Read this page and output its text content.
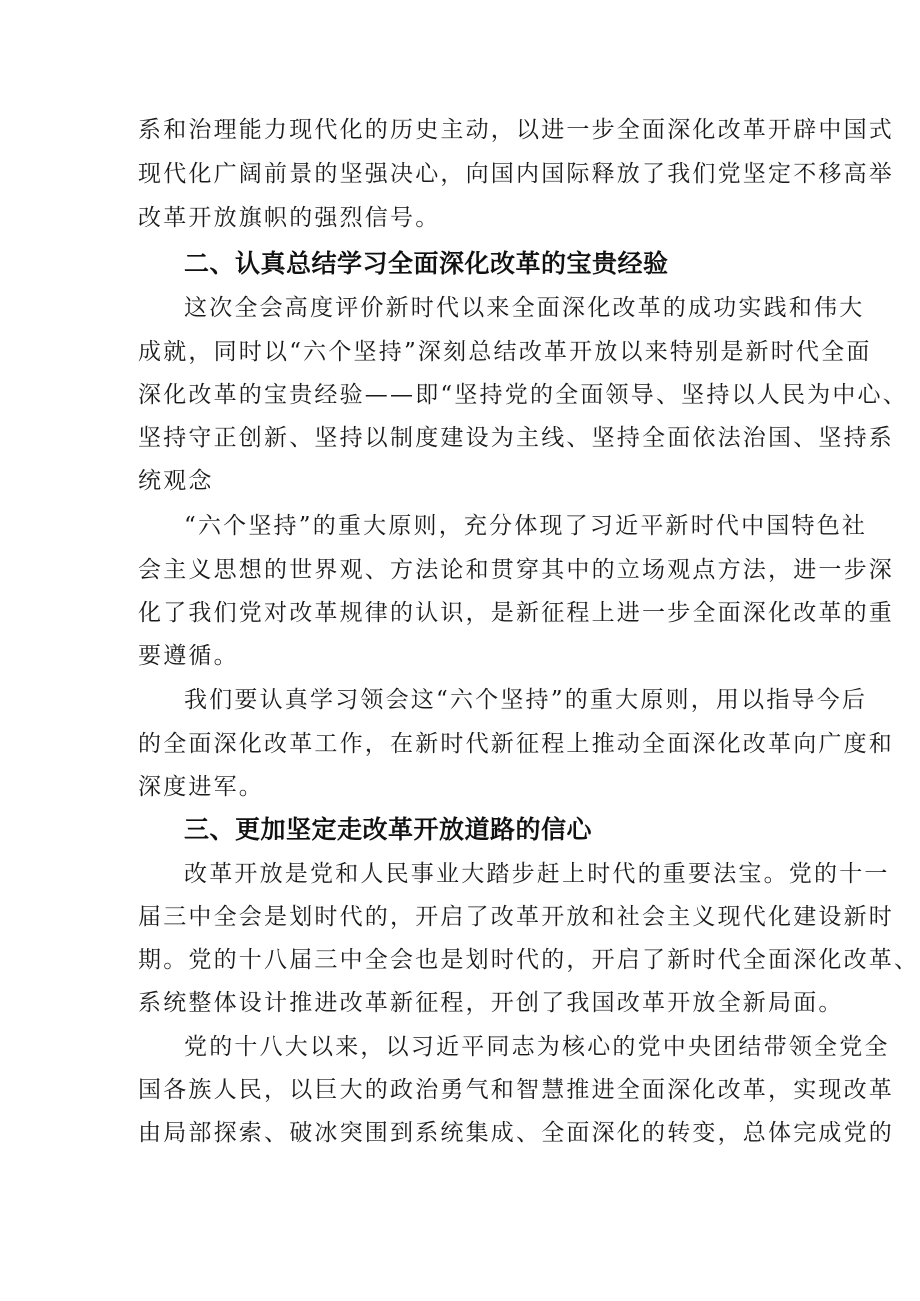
系和治理能力现代化的历史主动，以进一步全面深化改革开辟中国式
现代化广阔前景的坚强决心，向国内国际释放了我们党坚定不移高举
改革开放旗帜的强烈信号。
二、认真总结学习全面深化改革的宝贵经验
这次全会高度评价新时代以来全面深化改革的成功实践和伟大
成就，同时以“六个坚持”深刻总结改革开放以来特别是新时代全面
深化改革的宝贵经验——即“坚持党的全面领导、坚持以人民为中心、
坚持守正创新、坚持以制度建设为主线、坚持全面依法治国、坚持系
统观念
“六个坚持”的重大原则，充分体现了习近平新时代中国特色社
会主义思想的世界观、方法论和贯穿其中的立场观点方法，进一步深
化了我们党对改革规律的认识，是新征程上进一步全面深化改革的重
要遵循。
我们要认真学习领会这“六个坚持”的重大原则，用以指导今后
的全面深化改革工作，在新时代新征程上推动全面深化改革向广度和
深度进军。
三、更加坚定走改革开放道路的信心
改革开放是党和人民事业大踏步赶上时代的重要法宝。党的十一
届三中全会是划时代的，开启了改革开放和社会主义现代化建设新时
期。党的十八届三中全会也是划时代的，开启了新时代全面深化改革、
系统整体设计推进改革新征程，开创了我国改革开放全新局面。
党的十八大以来，以习近平同志为核心的党中央团结带领全党全
国各族人民，以巨大的政治勇气和智慧推进全面深化改革，实现改革
由局部探索、破冰突围到系统集成、全面深化的转变，总体完成党的
